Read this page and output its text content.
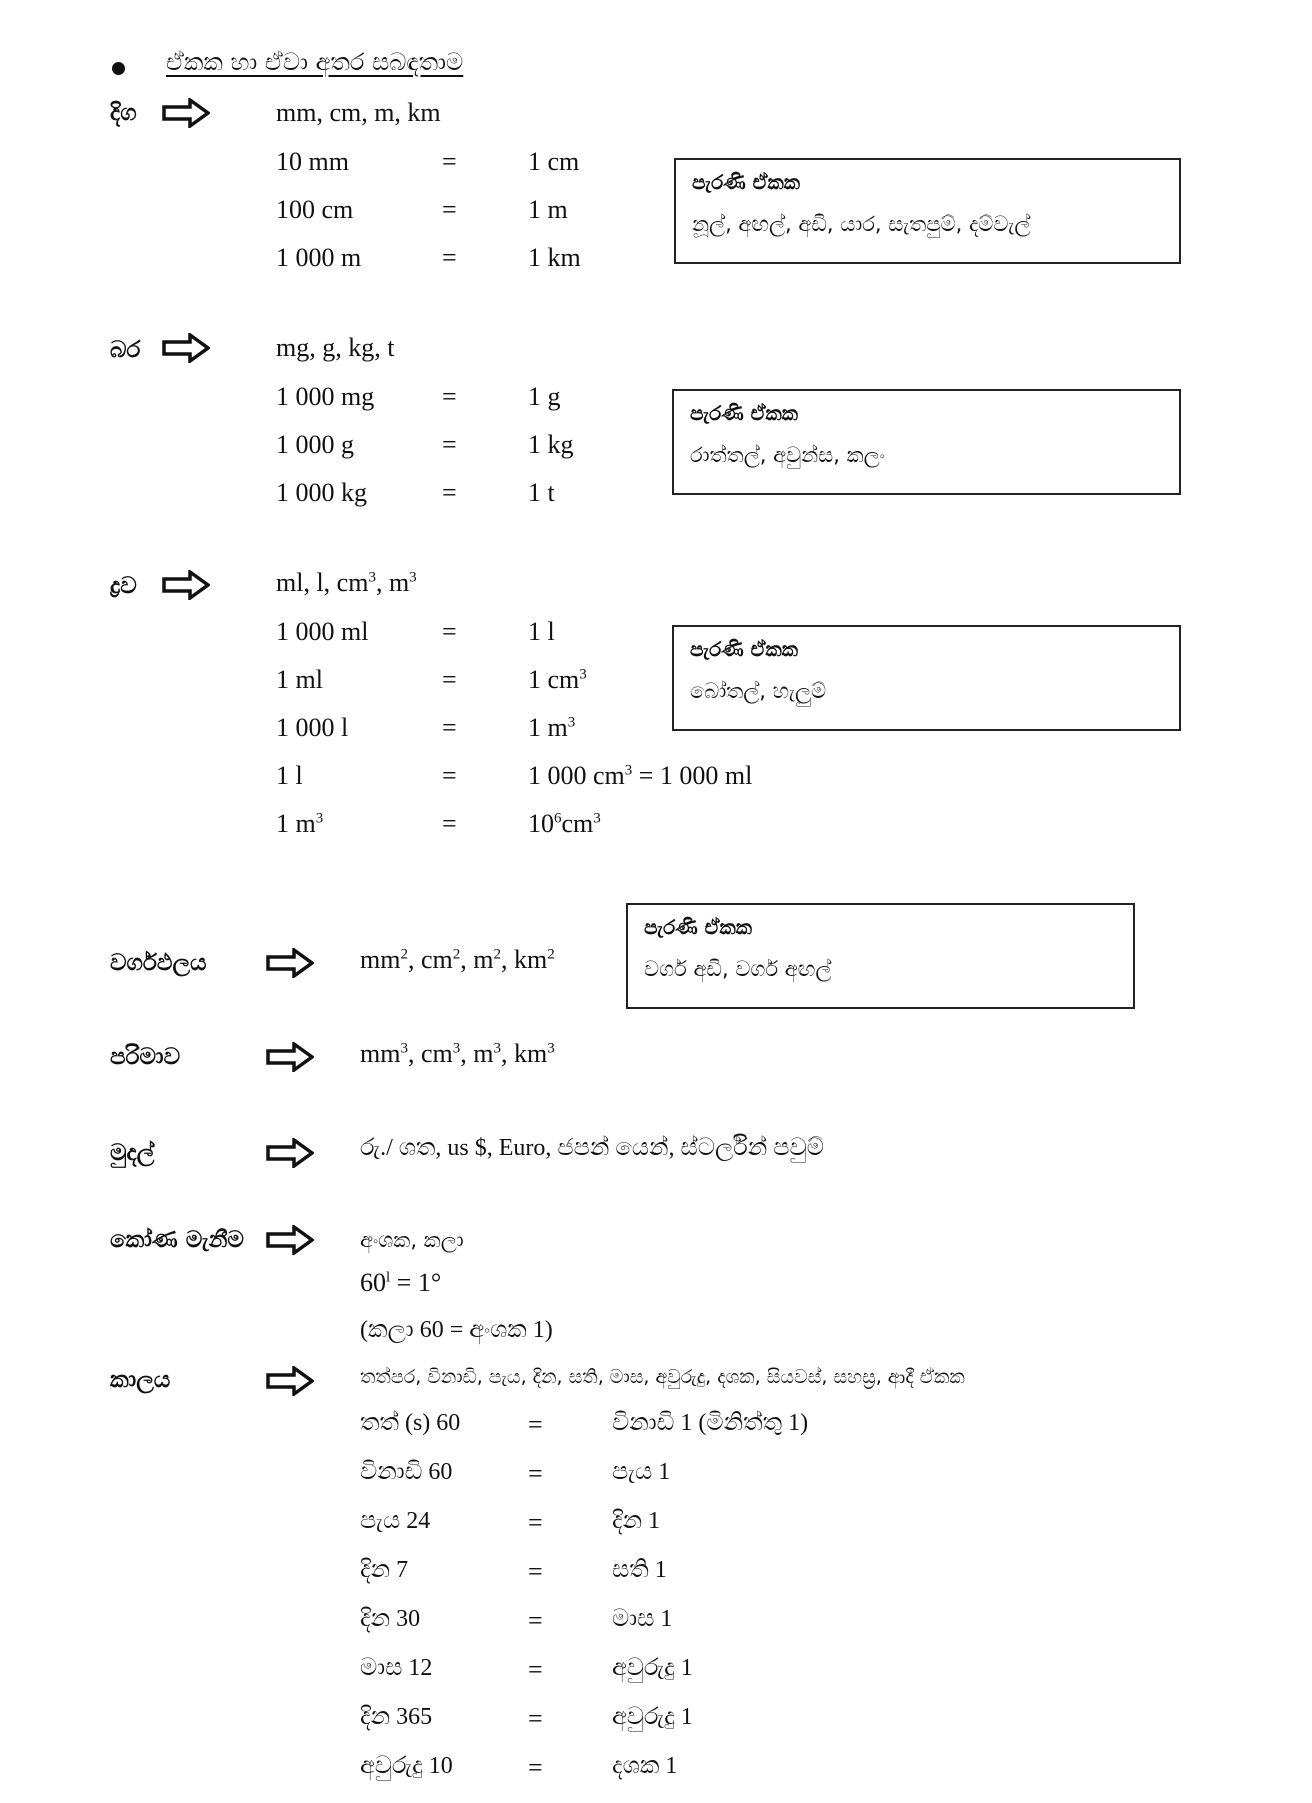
ඒකක හා ඒවා අතර සබඳතාම
දිග	mm, cm, m, km
10 mm	=	1 cm
100 cm	=	1 m
1 000 m	=	1 km
පැරණි ඒකක
නූල්, අඟල්, අඩි, යාර, සැතපුම්, දම්වැල්
බර	mg, g, kg, t
1 000 mg	=	1 g
1 000 g	=	1 kg
1 000 kg	=	1 t
පැරණි ඒකක
රාත්තල්, අවුන්ස, කලං
ද්‍රව	ml, l, $cm^3$, $m^3$
1 000 ml	=	1 l
1 ml	=	1 $cm^3$
1 000 l	=	1 $m^3$
1 l	=	1 000 $cm^3 = 1$ 000 ml
1 $m^3$	=	$10^6cm^3$
පැරණි ඒකක
බෝතල්, හැලුම්
වර්ගඵලය	$mm^2$, $cm^2$, $m^2$, $km^2$
පැරණි ඒකක
වර්ග අඩි, වර්ග අඟල්
පරිමාව	$mm^3$, $cm^3$, $m^3$, $km^3$
මුදල්	රු./ ශත, us $, Euro, ජපන් යෙන්, ස්ටර්ලින් පවුම්
කෝණ මැනීම	අංශක, කලා
$60^l = 1^\circ$
(කලා 60 = අංශක 1)
කාලය	තත්පර, විනාඩි, පැය, දින, සති, මාස, අවුරුදු, දශක, සියවස්, සහස්‍ර, ආදී ඒකක
තත් (s) 60	=	විනාඩි 1 (මිනිත්තු 1)
විනාඩි 60	=	පැය 1
පැය 24	=	දින 1
දින 7	=	සති 1
දින 30	=	මාස 1
මාස 12	=	අවුරුදු 1
දින 365	=	අවුරුදු 1
අවුරුදු 10	=	දශක 1
